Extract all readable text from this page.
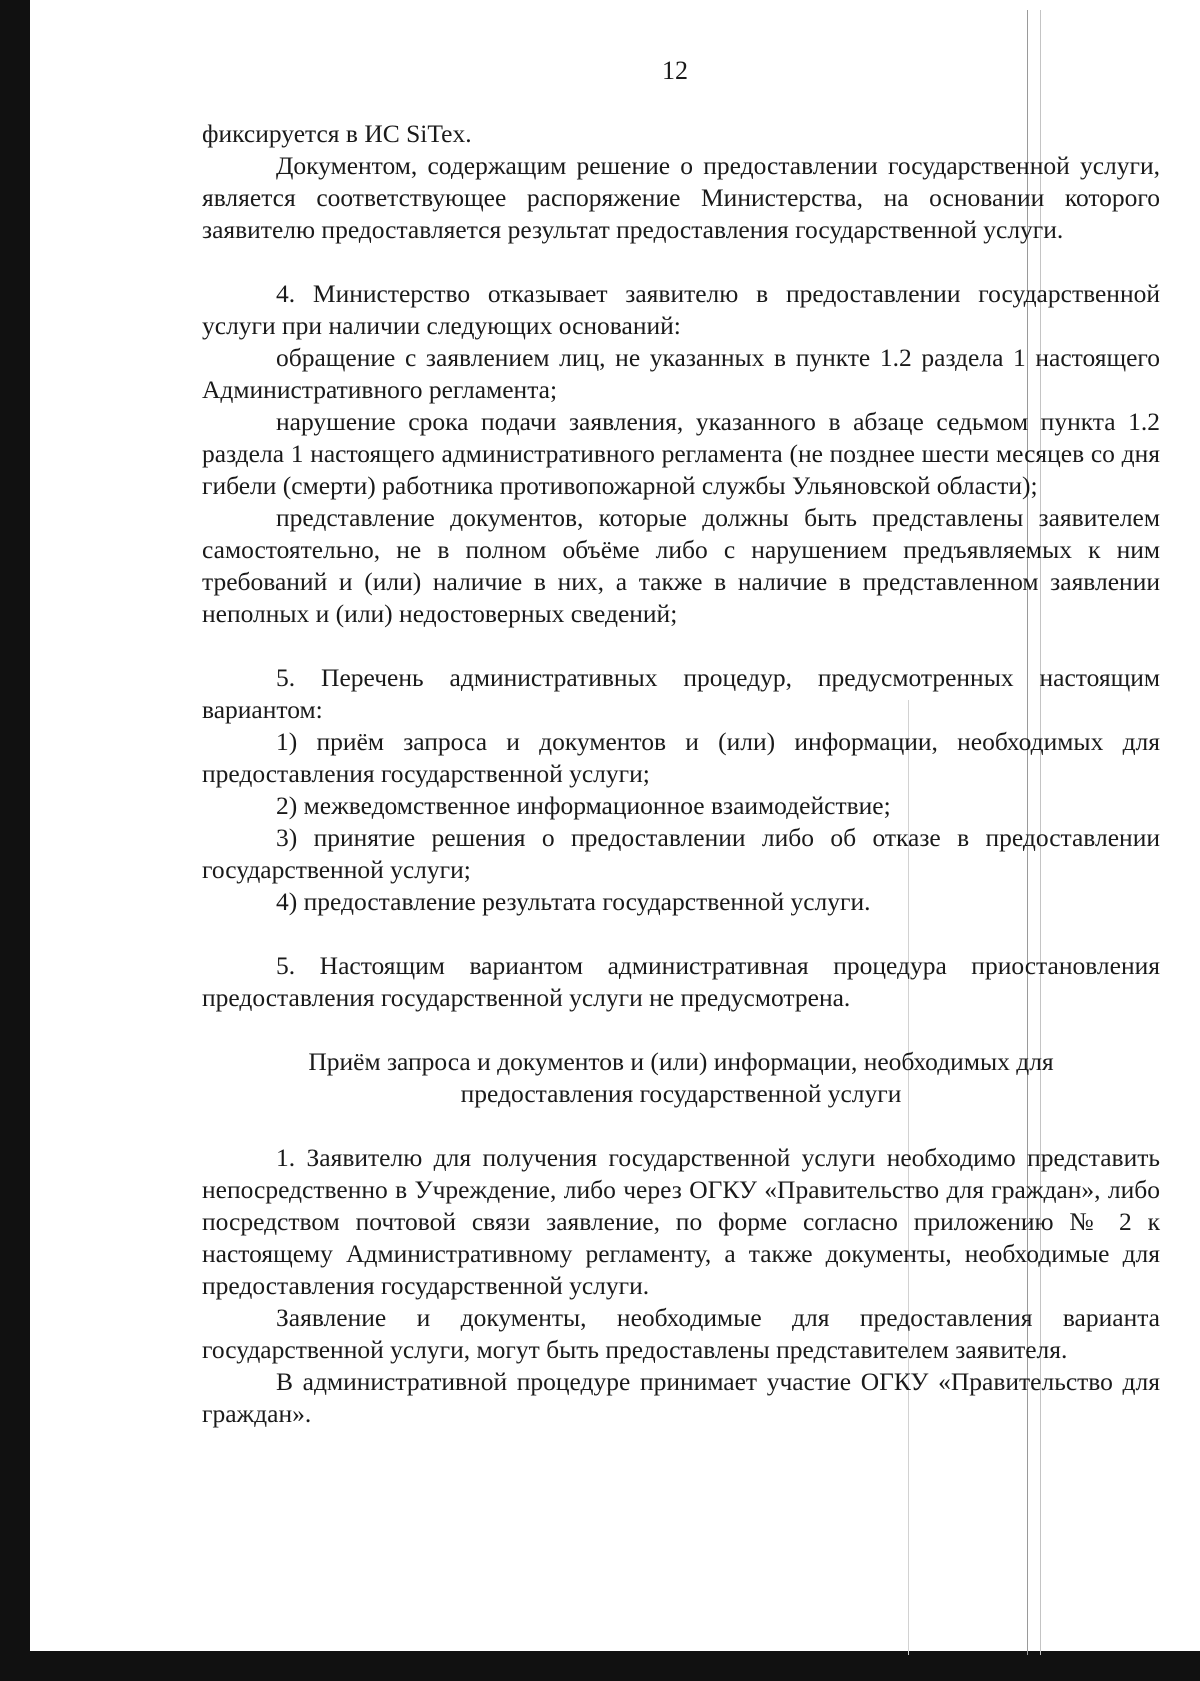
12

фиксируется в ИС SiTex.

Документом, содержащим решение о предоставлении государственной услуги, является соответствующее распоряжение Министерства, на основании которого заявителю предоставляется результат предоставления государственной услуги.

4. Министерство отказывает заявителю в предоставлении государственной услуги при наличии следующих оснований:

обращение с заявлением лиц, не указанных в пункте 1.2 раздела 1 настоящего Административного регламента;

нарушение срока подачи заявления, указанного в абзаце седьмом пункта 1.2 раздела 1 настоящего административного регламента (не позднее шести месяцев со дня гибели (смерти) работника противопожарной службы Ульяновской области);

представление документов, которые должны быть представлены заявителем самостоятельно, не в полном объёме либо с нарушением предъявляемых к ним требований и (или) наличие в них, а также в наличие в представленном заявлении неполных и (или) недостоверных сведений;

5. Перечень административных процедур, предусмотренных настоящим вариантом:

1) приём запроса и документов и (или) информации, необходимых для предоставления государственной услуги;

2) межведомственное информационное взаимодействие;

3) принятие решения о предоставлении либо об отказе в предоставлении государственной услуги;

4) предоставление результата государственной услуги.

5. Настоящим вариантом административная процедура приостановления предоставления государственной услуги не предусмотрена.

Приём запроса и документов и (или) информации, необходимых для
предоставления государственной услуги

1. Заявителю для получения государственной услуги необходимо представить непосредственно в Учреждение, либо через ОГКУ «Правительство для граждан», либо посредством почтовой связи заявление, по форме согласно приложению № 2 к настоящему Административному регламенту, а также документы, необходимые для предоставления государственной услуги.

Заявление и документы, необходимые для предоставления варианта государственной услуги, могут быть предоставлены представителем заявителя.

В административной процедуре принимает участие ОГКУ «Правительство для граждан».
